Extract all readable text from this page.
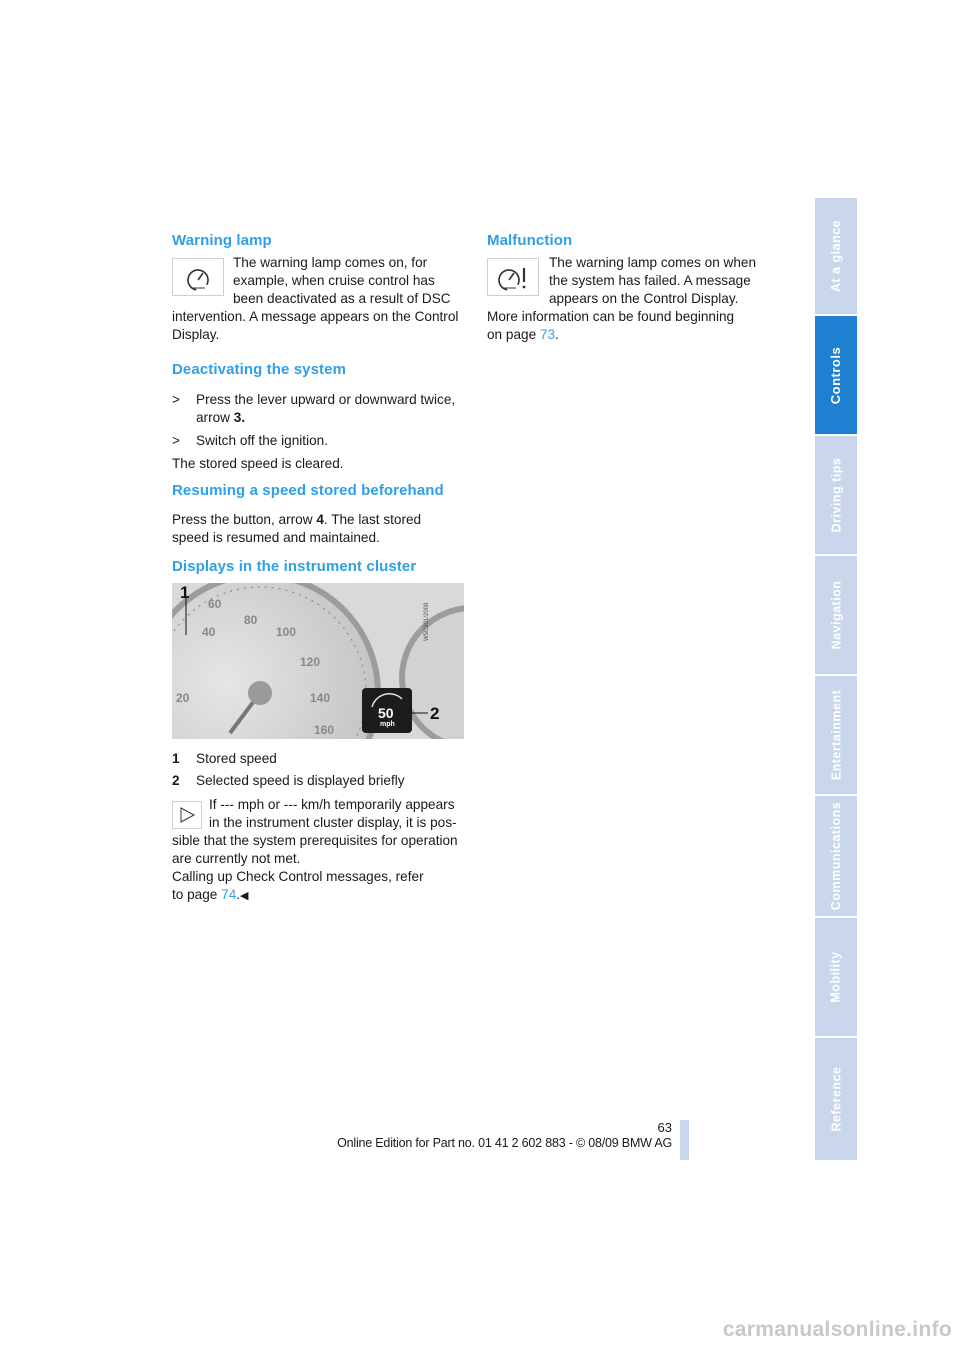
Warning lamp

The warning lamp comes on, for

example, when cruise control has

been deactivated as a result of DSC

intervention. A message appears on the Control

Display.

Deactivating the system

> Press the lever upward or downward twice,

arrow 3.

> Switch off the ignition.

The stored speed is cleared.

Resuming a speed stored beforehand

Press the button, arrow 4. The last stored

speed is resumed and maintained.

Displays in the instrument cluster

40
60
80
100
120
140
160
20
1
2
50
mph
W5C801/2008
1 Stored speed

2 Selected speed is displayed briefly

If --- mph or --- km/h temporarily appears

in the instrument cluster display, it is pos-

sible that the system prerequisites for operation

are currently not met.

Calling up Check Control messages, refer

to page 74.◀

Malfunction

The warning lamp comes on when

the system has failed. A message

appears on the Control Display.

More information can be found beginning

on page 73.

At a glance
Controls
Driving tips
Navigation
Entertainment
Communications
Mobility
Reference
63
Online Edition for Part no. 01 41 2 602 883 - © 08/09 BMW AG
carmanualsonline.info
